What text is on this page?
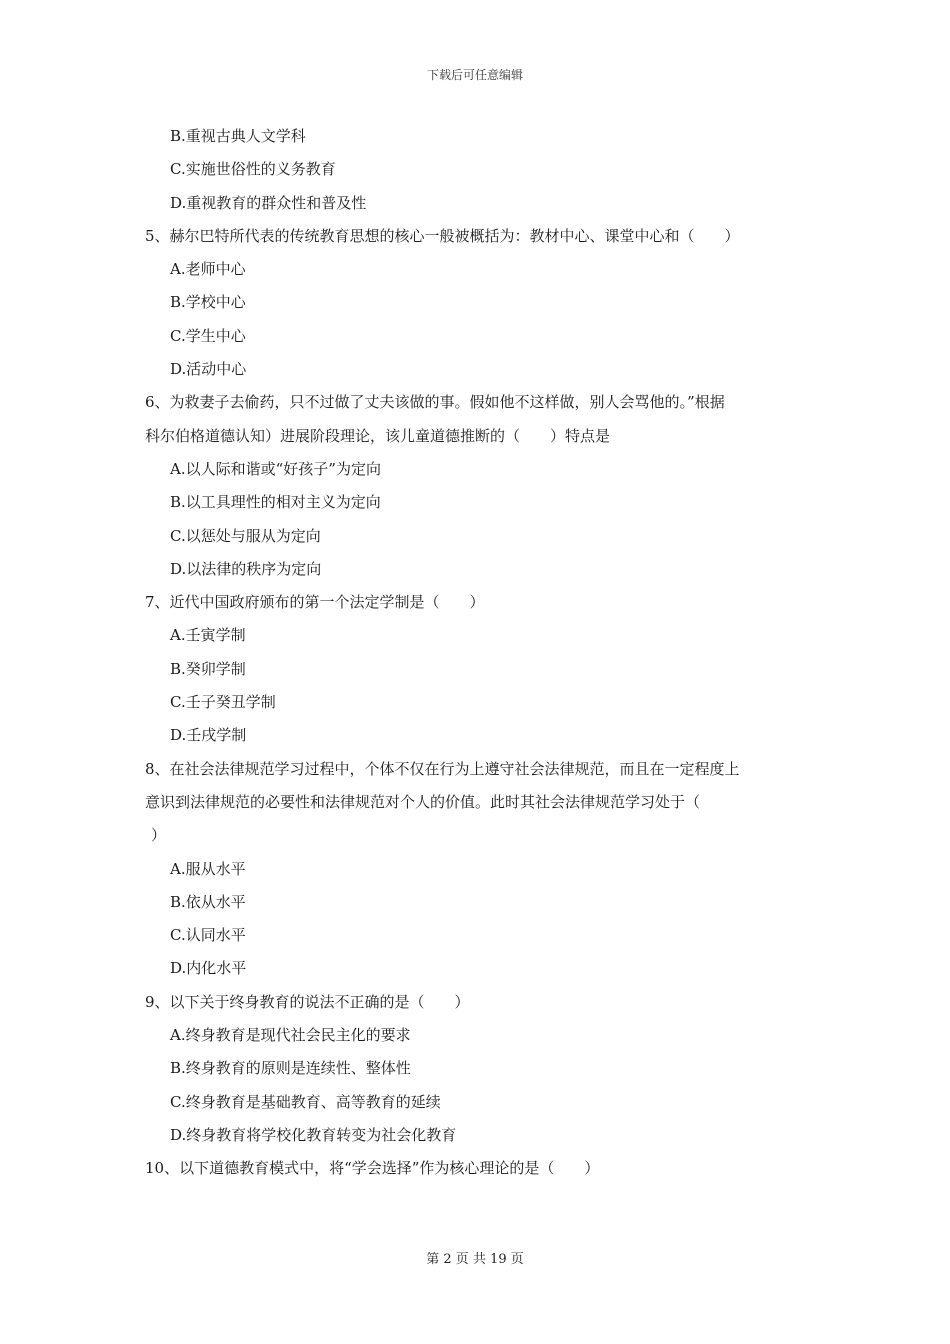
下载后可任意编辑
B.重视古典人文学科
C.实施世俗性的义务教育
D.重视教育的群众性和普及性
5、赫尔巴特所代表的传统教育思想的核心一般被概括为：教材中心、课堂中心和（　　）
A.老师中心
B.学校中心
C.学生中心
D.活动中心
6、为救妻子去偷药，只不过做了丈夫该做的事。假如他不这样做，别人会骂他的。”根据
科尔伯格道德认知）进展阶段理论，该儿童道德推断的（　　）特点是
A.以人际和谐或“好孩子”为定向
B.以工具理性的相对主义为定向
C.以惩处与服从为定向
D.以法律的秩序为定向
7、近代中国政府颁布的第一个法定学制是（　　）
A.壬寅学制
B.癸卯学制
C.壬子癸丑学制
D.壬戌学制
8、在社会法律规范学习过程中，个体不仅在行为上遵守社会法律规范，而且在一定程度上
意识到法律规范的必要性和法律规范对个人的价值。此时其社会法律规范学习处于（
）
A.服从水平
B.依从水平
C.认同水平
D.内化水平
9、以下关于终身教育的说法不正确的是（　　）
A.终身教育是现代社会民主化的要求
B.终身教育的原则是连续性、整体性
C.终身教育是基础教育、高等教育的延续
D.终身教育将学校化教育转变为社会化教育
10、以下道德教育模式中，将“学会选择”作为核心理论的是（　　）
第 2 页 共 19 页
